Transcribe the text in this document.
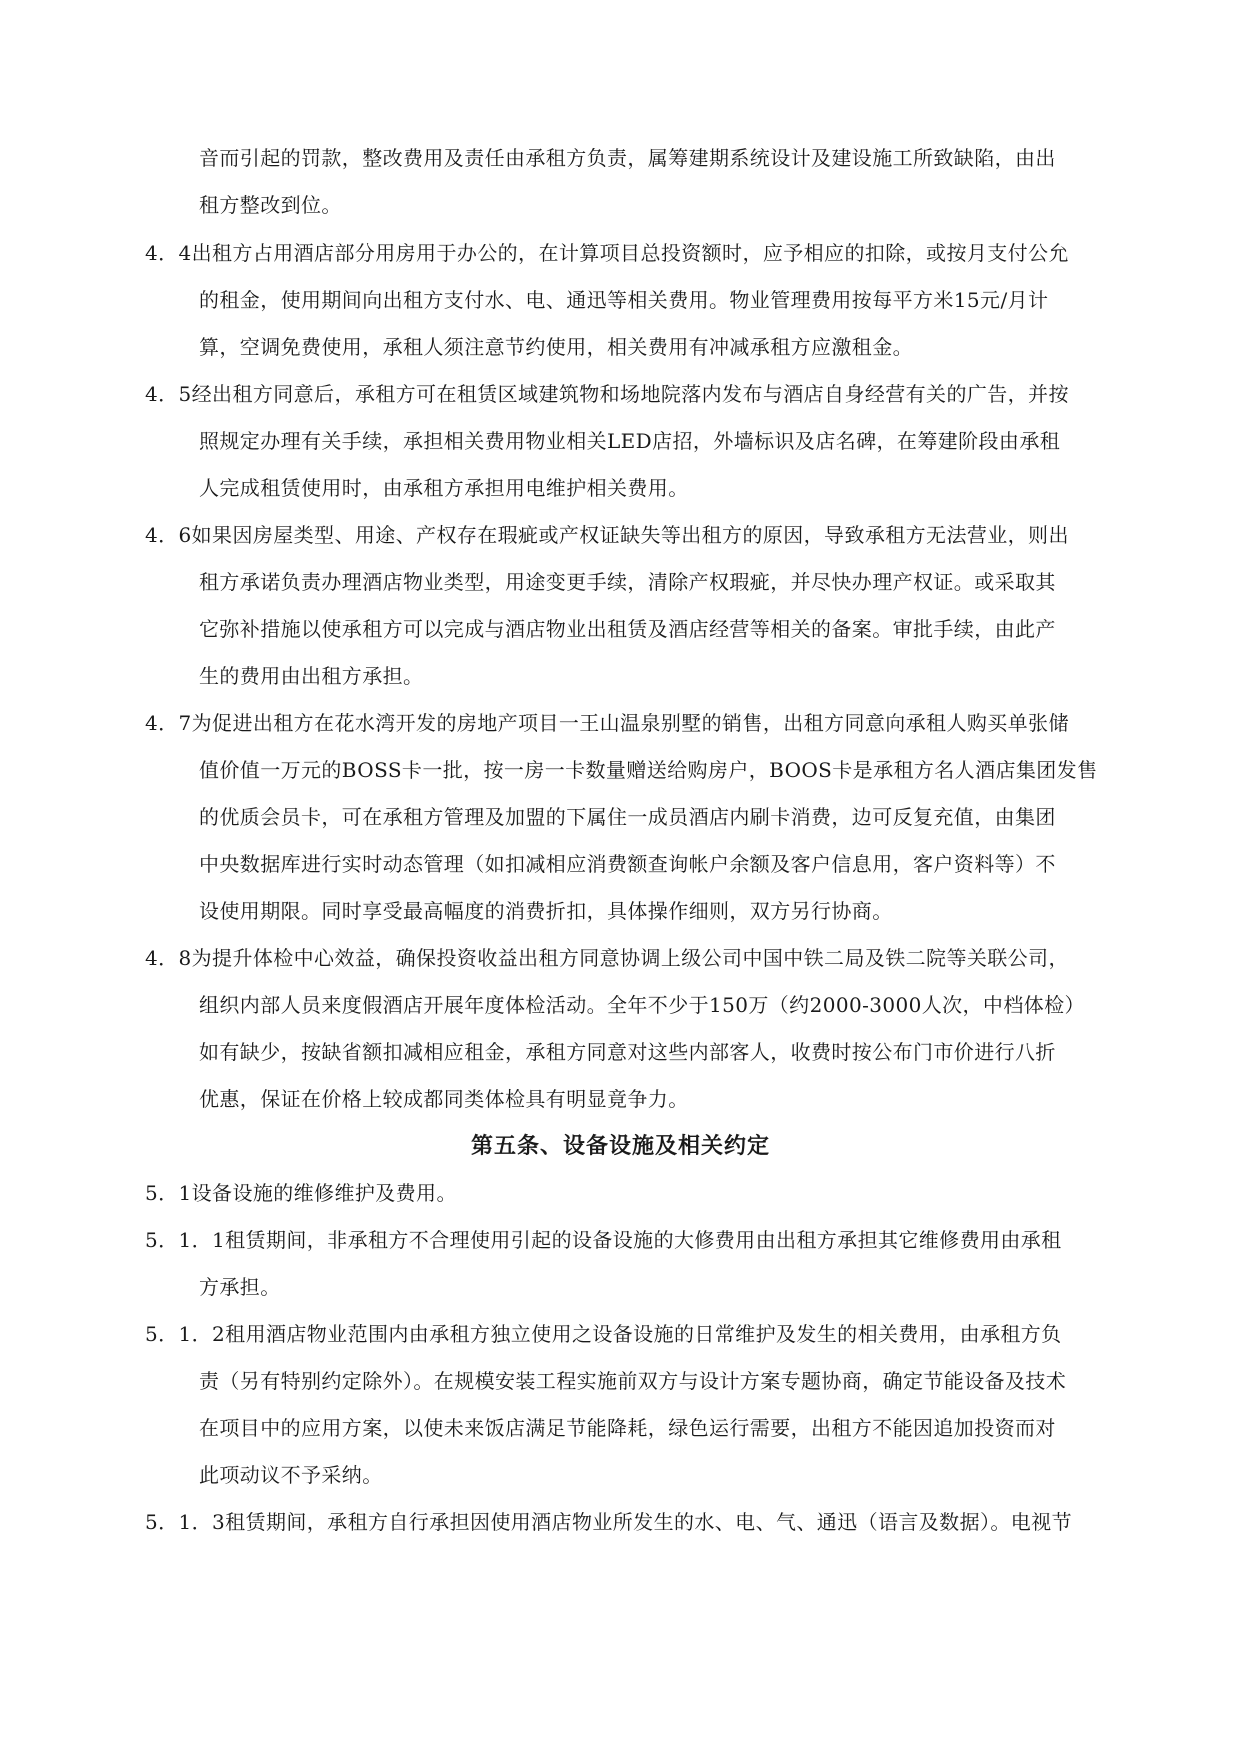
音而引起的罚款，整改费用及责任由承租方负责，属筹建期系统设计及建设施工所致缺陷，由出
租方整改到位。
4．4出租方占用酒店部分用房用于办公的，在计算项目总投资额时，应予相应的扣除，或按月支付公允
的租金，使用期间向出租方支付水、电、通迅等相关费用。物业管理费用按每平方米15元/月计
算，空调免费使用，承租人须注意节约使用，相关费用有冲减承租方应激租金。
4．5经出租方同意后，承租方可在租赁区域建筑物和场地院落内发布与酒店自身经营有关的广告，并按
照规定办理有关手续，承担相关费用物业相关LED店招，外墙标识及店名碑，在筹建阶段由承租
人完成租赁使用时，由承租方承担用电维护相关费用。
4．6如果因房屋类型、用途、产权存在瑕疵或产权证缺失等出租方的原因，导致承租方无法营业，则出
租方承诺负责办理酒店物业类型，用途变更手续，清除产权瑕疵，并尽快办理产权证。或采取其
它弥补措施以使承租方可以完成与酒店物业出租赁及酒店经营等相关的备案。审批手续，由此产
生的费用由出租方承担。
4．7为促进出租方在花水湾开发的房地产项目一王山温泉别墅的销售，出租方同意向承租人购买单张储
值价值一万元的BOSS卡一批，按一房一卡数量赠送给购房户，BOOS卡是承租方名人酒店集团发售
的优质会员卡，可在承租方管理及加盟的下属住一成员酒店内刷卡消费，边可反复充值，由集团
中央数据库进行实时动态管理（如扣减相应消费额查询帐户余额及客户信息用，客户资料等）不
设使用期限。同时享受最高幅度的消费折扣，具体操作细则，双方另行协商。
4．8为提升体检中心效益，确保投资收益出租方同意协调上级公司中国中铁二局及铁二院等关联公司，
组织内部人员来度假酒店开展年度体检活动。全年不少于150万（约2000-3000人次，中档体检）
如有缺少，按缺省额扣减相应租金，承租方同意对这些内部客人，收费时按公布门市价进行八折
优惠，保证在价格上较成都同类体检具有明显竟争力。
第五条、设备设施及相关约定
5．1设备设施的维修维护及费用。
5．1．1租赁期间，非承租方不合理使用引起的设备设施的大修费用由出租方承担其它维修费用由承租
方承担。
5．1．2租用酒店物业范围内由承租方独立使用之设备设施的日常维护及发生的相关费用，由承租方负
责（另有特别约定除外）。在规模安装工程实施前双方与设计方案专题协商，确定节能设备及技术
在项目中的应用方案，以使未来饭店满足节能降耗，绿色运行需要，出租方不能因追加投资而对
此项动议不予采纳。
5．1．3租赁期间，承租方自行承担因使用酒店物业所发生的水、电、气、通迅（语言及数据）。电视节
